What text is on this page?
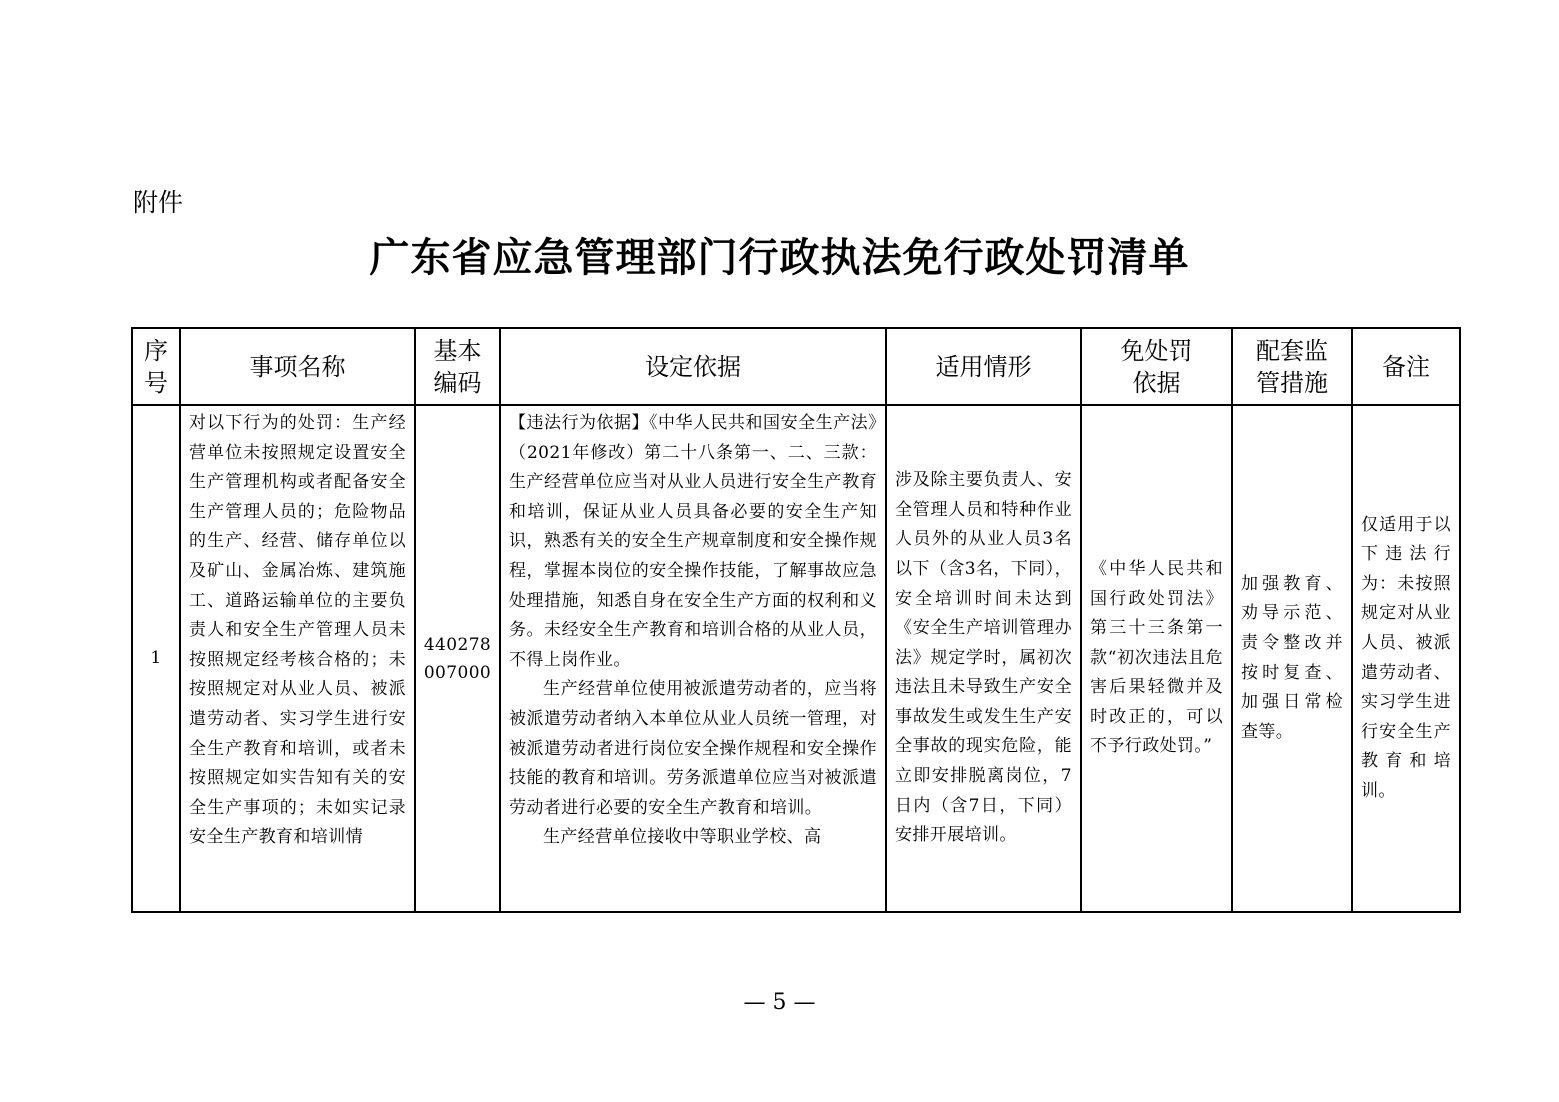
附件
广东省应急管理部门行政执法免行政处罚清单
序号	事项名称	基本编码	设定依据	适用情形	免处罚依据	配套监管措施	备注

1	对以下行为的处罚：生产经营单位未按照规定设置安全生产管理机构或者配备安全生产管理人员的；危险物品的生产、经营、储存单位以及矿山、金属冶炼、建筑施工、道路运输单位的主要负责人和安全生产管理人员未按照规定经考核合格的；未按照规定对从业人员、被派遣劳动者、实习学生进行安全生产教育和培训，或者未按照规定如实告知有关的安全生产事项的；未如实记录安全生产教育和培训情	440278007000	【违法行为依据】《中华人民共和国安全生产法》（2021年修改）第二十八条第一、二、三款：生产经营单位应当对从业人员进行安全生产教育和培训，保证从业人员具备必要的安全生产知识，熟悉有关的安全生产规章制度和安全操作规程，掌握本岗位的安全操作技能，了解事故应急处理措施，知悉自身在安全生产方面的权利和义务。未经安全生产教育和培训合格的从业人员，不得上岗作业。
生产经营单位使用被派遣劳动者的，应当将被派遣劳动者纳入本单位从业人员统一管理，对被派遣劳动者进行岗位安全操作规程和安全操作技能的教育和培训。劳务派遣单位应当对被派遣劳动者进行必要的安全生产教育和培训。
生产经营单位接收中等职业学校、高	涉及除主要负责人、安全管理人员和特种作业人员外的从业人员3名以下（含3名，下同），安全培训时间未达到《安全生产培训管理办法》规定学时，属初次违法且未导致生产安全事故发生或发生生产安全事故的现实危险，能立即安排脱离岗位，7日内（含7日，下同）安排开展培训。	《中华人民共和国行政处罚法》第三十三条第一款“初次违法且危害后果轻微并及时改正的，可以不予行政处罚。”	加强教育、劝导示范、责令整改并按时复查、加强日常检查等。	仅适用于以下违法行为：未按照规定对从业人员、被派遣劳动者、实习学生进行安全生产教育和培训。
— 5 —
